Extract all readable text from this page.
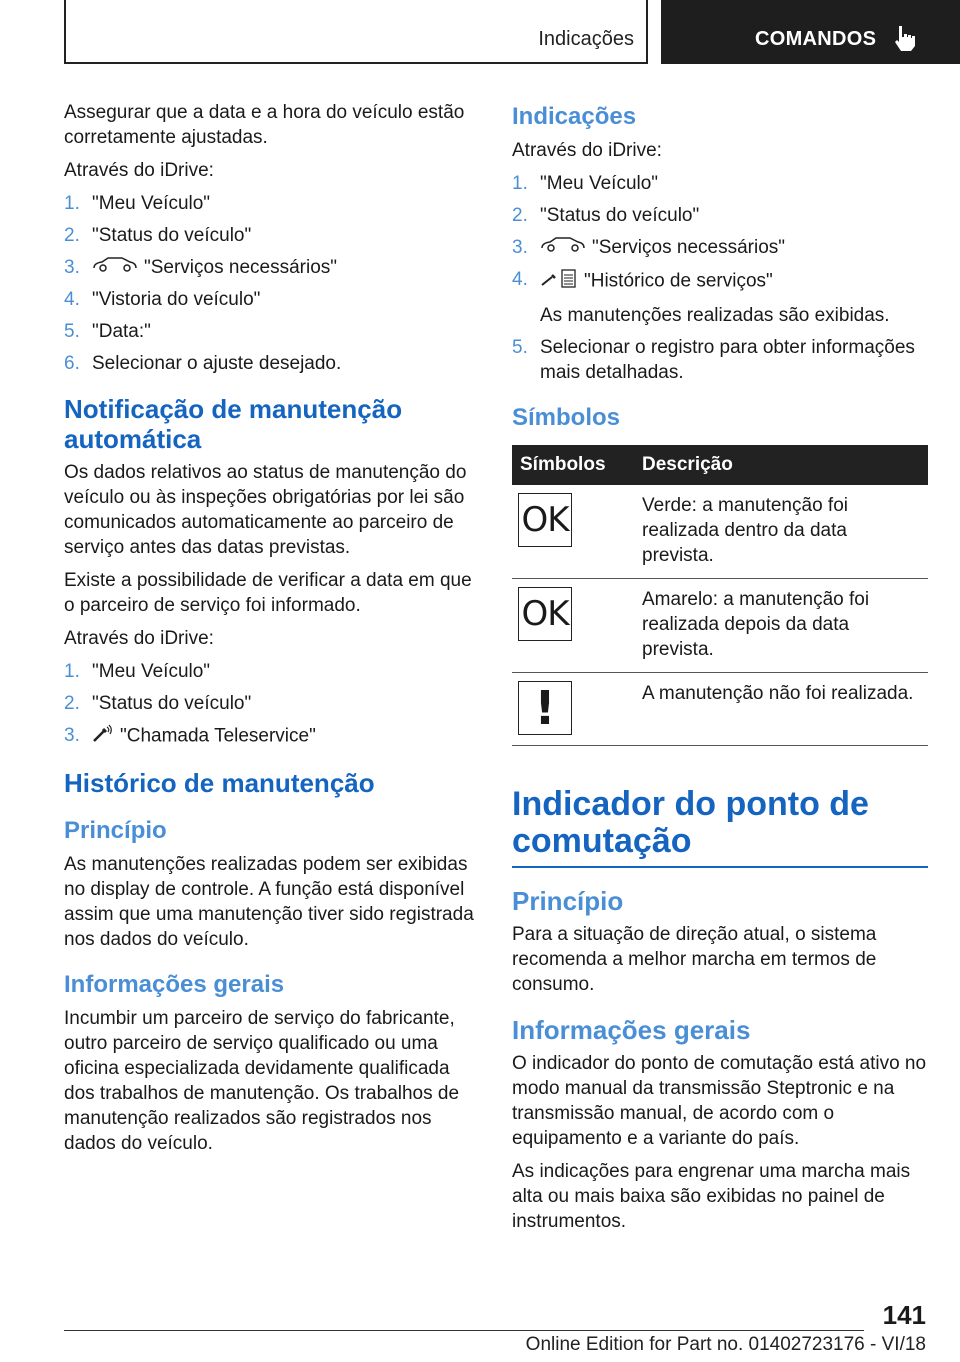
Indicações	COMANDOS

Assegurar que a data e a hora do veículo estão corretamente ajustadas.

Através do iDrive:

1. "Meu Veículo"
2. "Status do veículo"
3.	"Serviços necessários"
4. "Vistoria do veículo"
5. "Data:"
6. Selecionar o ajuste desejado.
Notificação de manutenção automática

Os dados relativos ao status de manutenção do veículo ou às inspeções obrigatórias por lei são comunicados automaticamente ao parceiro de serviço antes das datas previstas.

Existe a possibilidade de verificar a data em que o parceiro de serviço foi informado.

Através do iDrive:

1. "Meu Veículo"
2. "Status do veículo"
3. "Chamada Teleservice"
Histórico de manutenção
Princípio

As manutenções realizadas podem ser exibidas no display de controle. A função está disponível assim que uma manutenção tiver sido registrada nos dados do veículo.

Informações gerais

Incumbir um parceiro de serviço do fabricante, outro parceiro de serviço qualificado ou uma oficina especializada devidamente qualificada dos trabalhos de manutenção. Os trabalhos de manutenção realizados são registrados nos dados do veículo.

Indicações

Através do iDrive:

1. "Meu Veículo"
2. "Status do veículo"
3.	"Serviços necessários"
4.	"Histórico de serviços"
As manutenções realizadas são exibidas.
5. Selecionar o registro para obter informações mais detalhadas.
Símbolos
Símbolos	Descrição

OK	Verde: a manutenção foi realizada dentro da data prevista.

OK	Amarelo: a manutenção foi realizada depois da data prevista.

!	A manutenção não foi realizada.
Indicador do ponto de comutação
Princípio

Para a situação de direção atual, o sistema recomenda a melhor marcha em termos de consumo.

Informações gerais

O indicador do ponto de comutação está ativo no modo manual da transmissão Steptronic e na transmissão manual, de acordo com o equipamento e a variante do país.

As indicações para engrenar uma marcha mais alta ou mais baixa são exibidas no painel de instrumentos.

141
Online Edition for Part no. 01402723176 - VI/18
